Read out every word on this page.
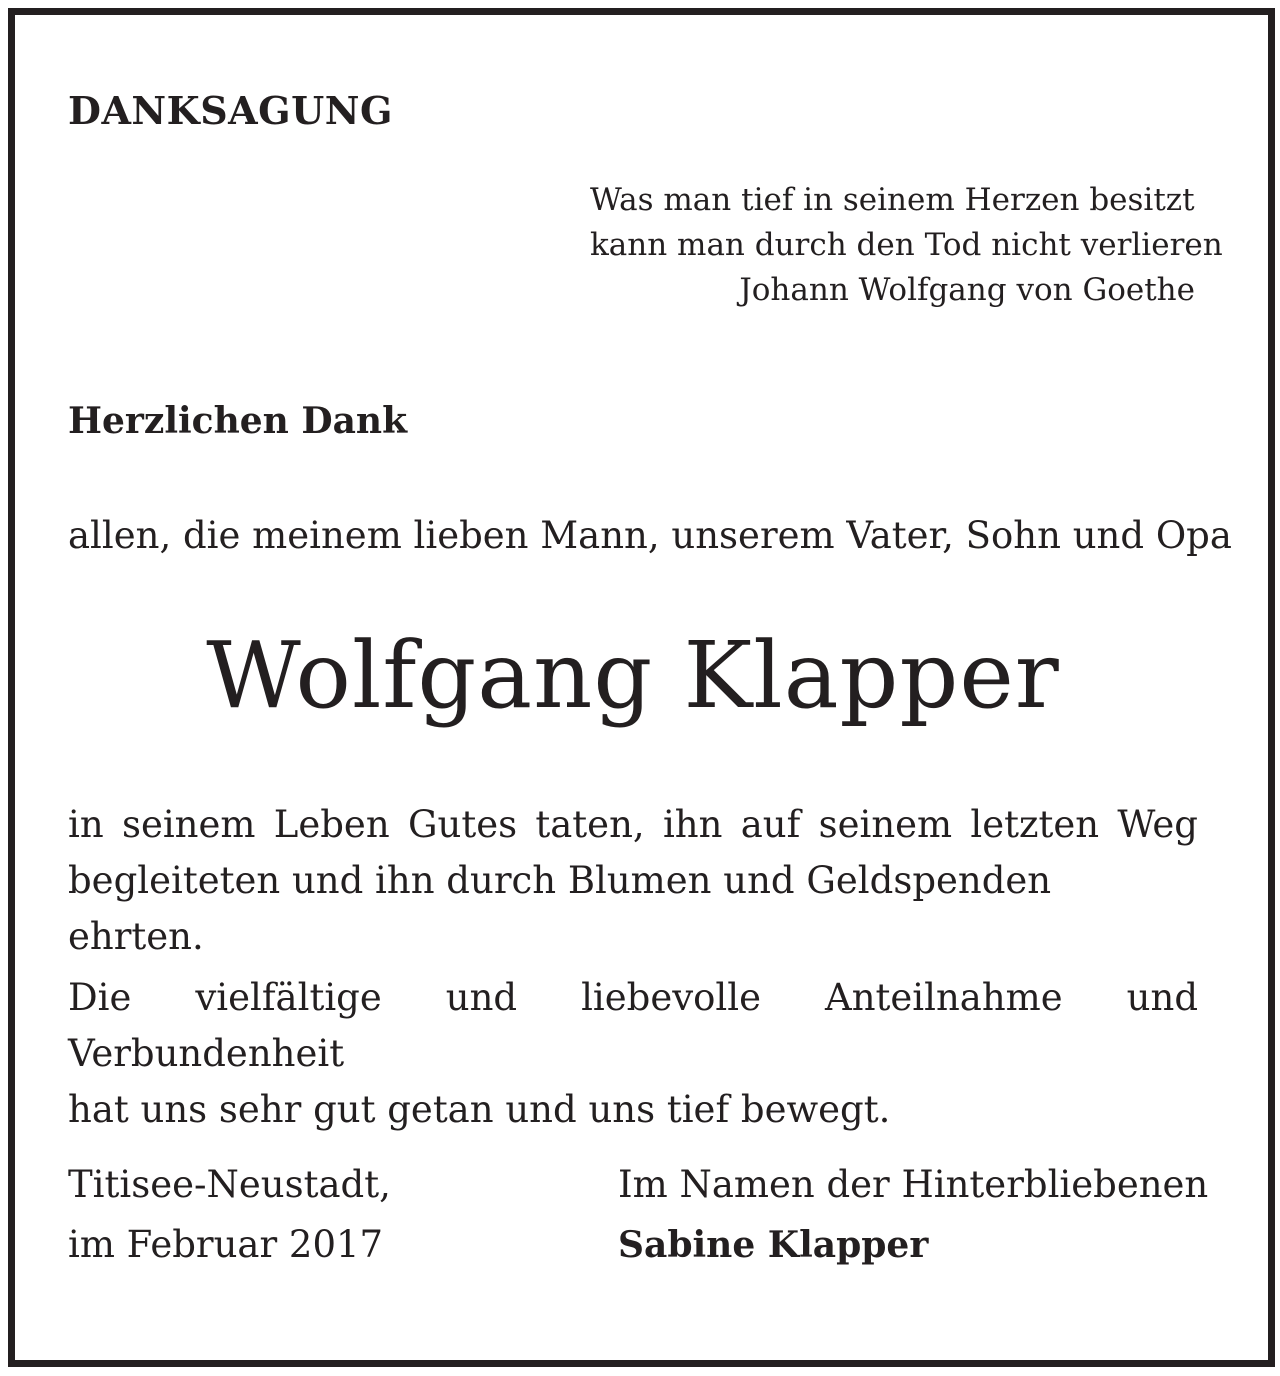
DANKSAGUNG
Was man tief in seinem Herzen besitzt
kann man durch den Tod nicht verlieren
Johann Wolfgang von Goethe
Herzlichen Dank
allen, die meinem lieben Mann, unserem Vater, Sohn und Opa
Wolfgang Klapper
in seinem Leben Gutes taten, ihn auf seinem letzten Weg
begleiteten und ihn durch Blumen und Geldspenden ehrten.
Die vielfältige und liebevolle Anteilnahme und Verbundenheit
hat uns sehr gut getan und uns tief bewegt.
Titisee-Neustadt,
im Februar 2017
Im Namen der Hinterbliebenen
Sabine Klapper
